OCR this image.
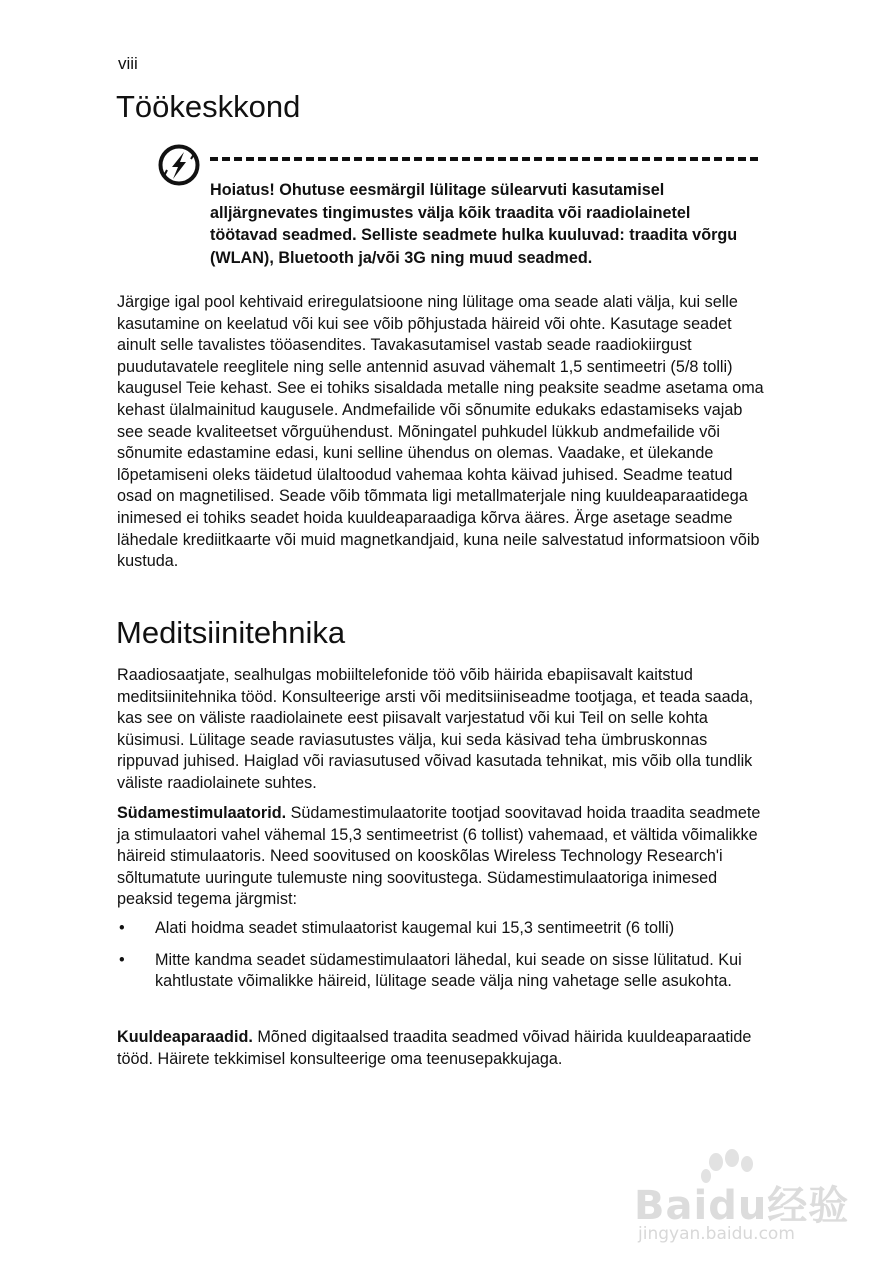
viii
Töökeskkond

Hoiatus! Ohutuse eesmärgil lülitage sülearvuti kasutamisel alljärgnevates tingimustes välja kõik traadita või raadiolainetel töötavad seadmed. Selliste seadmete hulka kuuluvad: traadita võrgu (WLAN), Bluetooth ja/või 3G ning muud seadmed.

Järgige igal pool kehtivaid eriregulatsioone ning lülitage oma seade alati välja, kui selle kasutamine on keelatud või kui see võib põhjustada häireid või ohte. Kasutage seadet ainult selle tavalistes tööasendites. Tavakasutamisel vastab seade raadiokiirgust puudutavatele reeglitele ning selle antennid asuvad vähemalt 1,5 sentimeetri (5/8 tolli) kaugusel Teie kehast. See ei tohiks sisaldada metalle ning peaksite seadme asetama oma kehast ülalmainitud kaugusele. Andmefailide või sõnumite edukaks edastamiseks vajab see seade kvaliteetset võrguühendust. Mõningatel puhkudel lükkub andmefailide või sõnumite edastamine edasi, kuni selline ühendus on olemas. Vaadake, et ülekande lõpetamiseni oleks täidetud ülaltoodud vahemaa kohta käivad juhised. Seadme teatud osad on magnetilised. Seade võib tõmmata ligi metallmaterjale ning kuuldeaparaatidega inimesed ei tohiks seadet hoida kuuldeaparaadiga kõrva ääres. Ärge asetage seadme lähedale krediitkaarte või muid magnetkandjaid, kuna neile salvestatud informatsioon võib kustuda.

Meditsiinitehnika

Raadiosaatjate, sealhulgas mobiiltelefonide töö võib häirida ebapiisavalt kaitstud meditsiinitehnika tööd. Konsulteerige arsti või meditsiiniseadme tootjaga, et teada saada, kas see on väliste raadiolainete eest piisavalt varjestatud või kui Teil on selle kohta küsimusi. Lülitage seade raviasutustes välja, kui seda käsivad teha ümbruskonnas rippuvad juhised. Haiglad või raviasutused võivad kasutada tehnikat, mis võib olla tundlik väliste raadiolainete suhtes.

Südamestimulaatorid. Südamestimulaatorite tootjad soovitavad hoida traadita seadmete ja stimulaatori vahel vähemal 15,3 sentimeetrist (6 tollist) vahemaad, et vältida võimalikke häireid stimulaatoris. Need soovitused on kooskõlas Wireless Technology Research'i sõltumatute uuringute tulemuste ning soovitustega. Südamestimulaatoriga inimesed peaksid tegema järgmist:

• Alati hoidma seadet stimulaatorist kaugemal kui 15,3 sentimeetrit (6 tolli)
• Mitte kandma seadet südamestimulaatori lähedal, kui seade on sisse lülitatud. Kui kahtlustate võimalikke häireid, lülitage seade välja ning vahetage selle asukohta.

Kuuldeaparaadid. Mõned digitaalsed traadita seadmed võivad häirida kuuldeaparaatide tööd. Häirete tekkimisel konsulteerige oma teenusepakkujaga.

Baidu经验
jingyan.baidu.com
